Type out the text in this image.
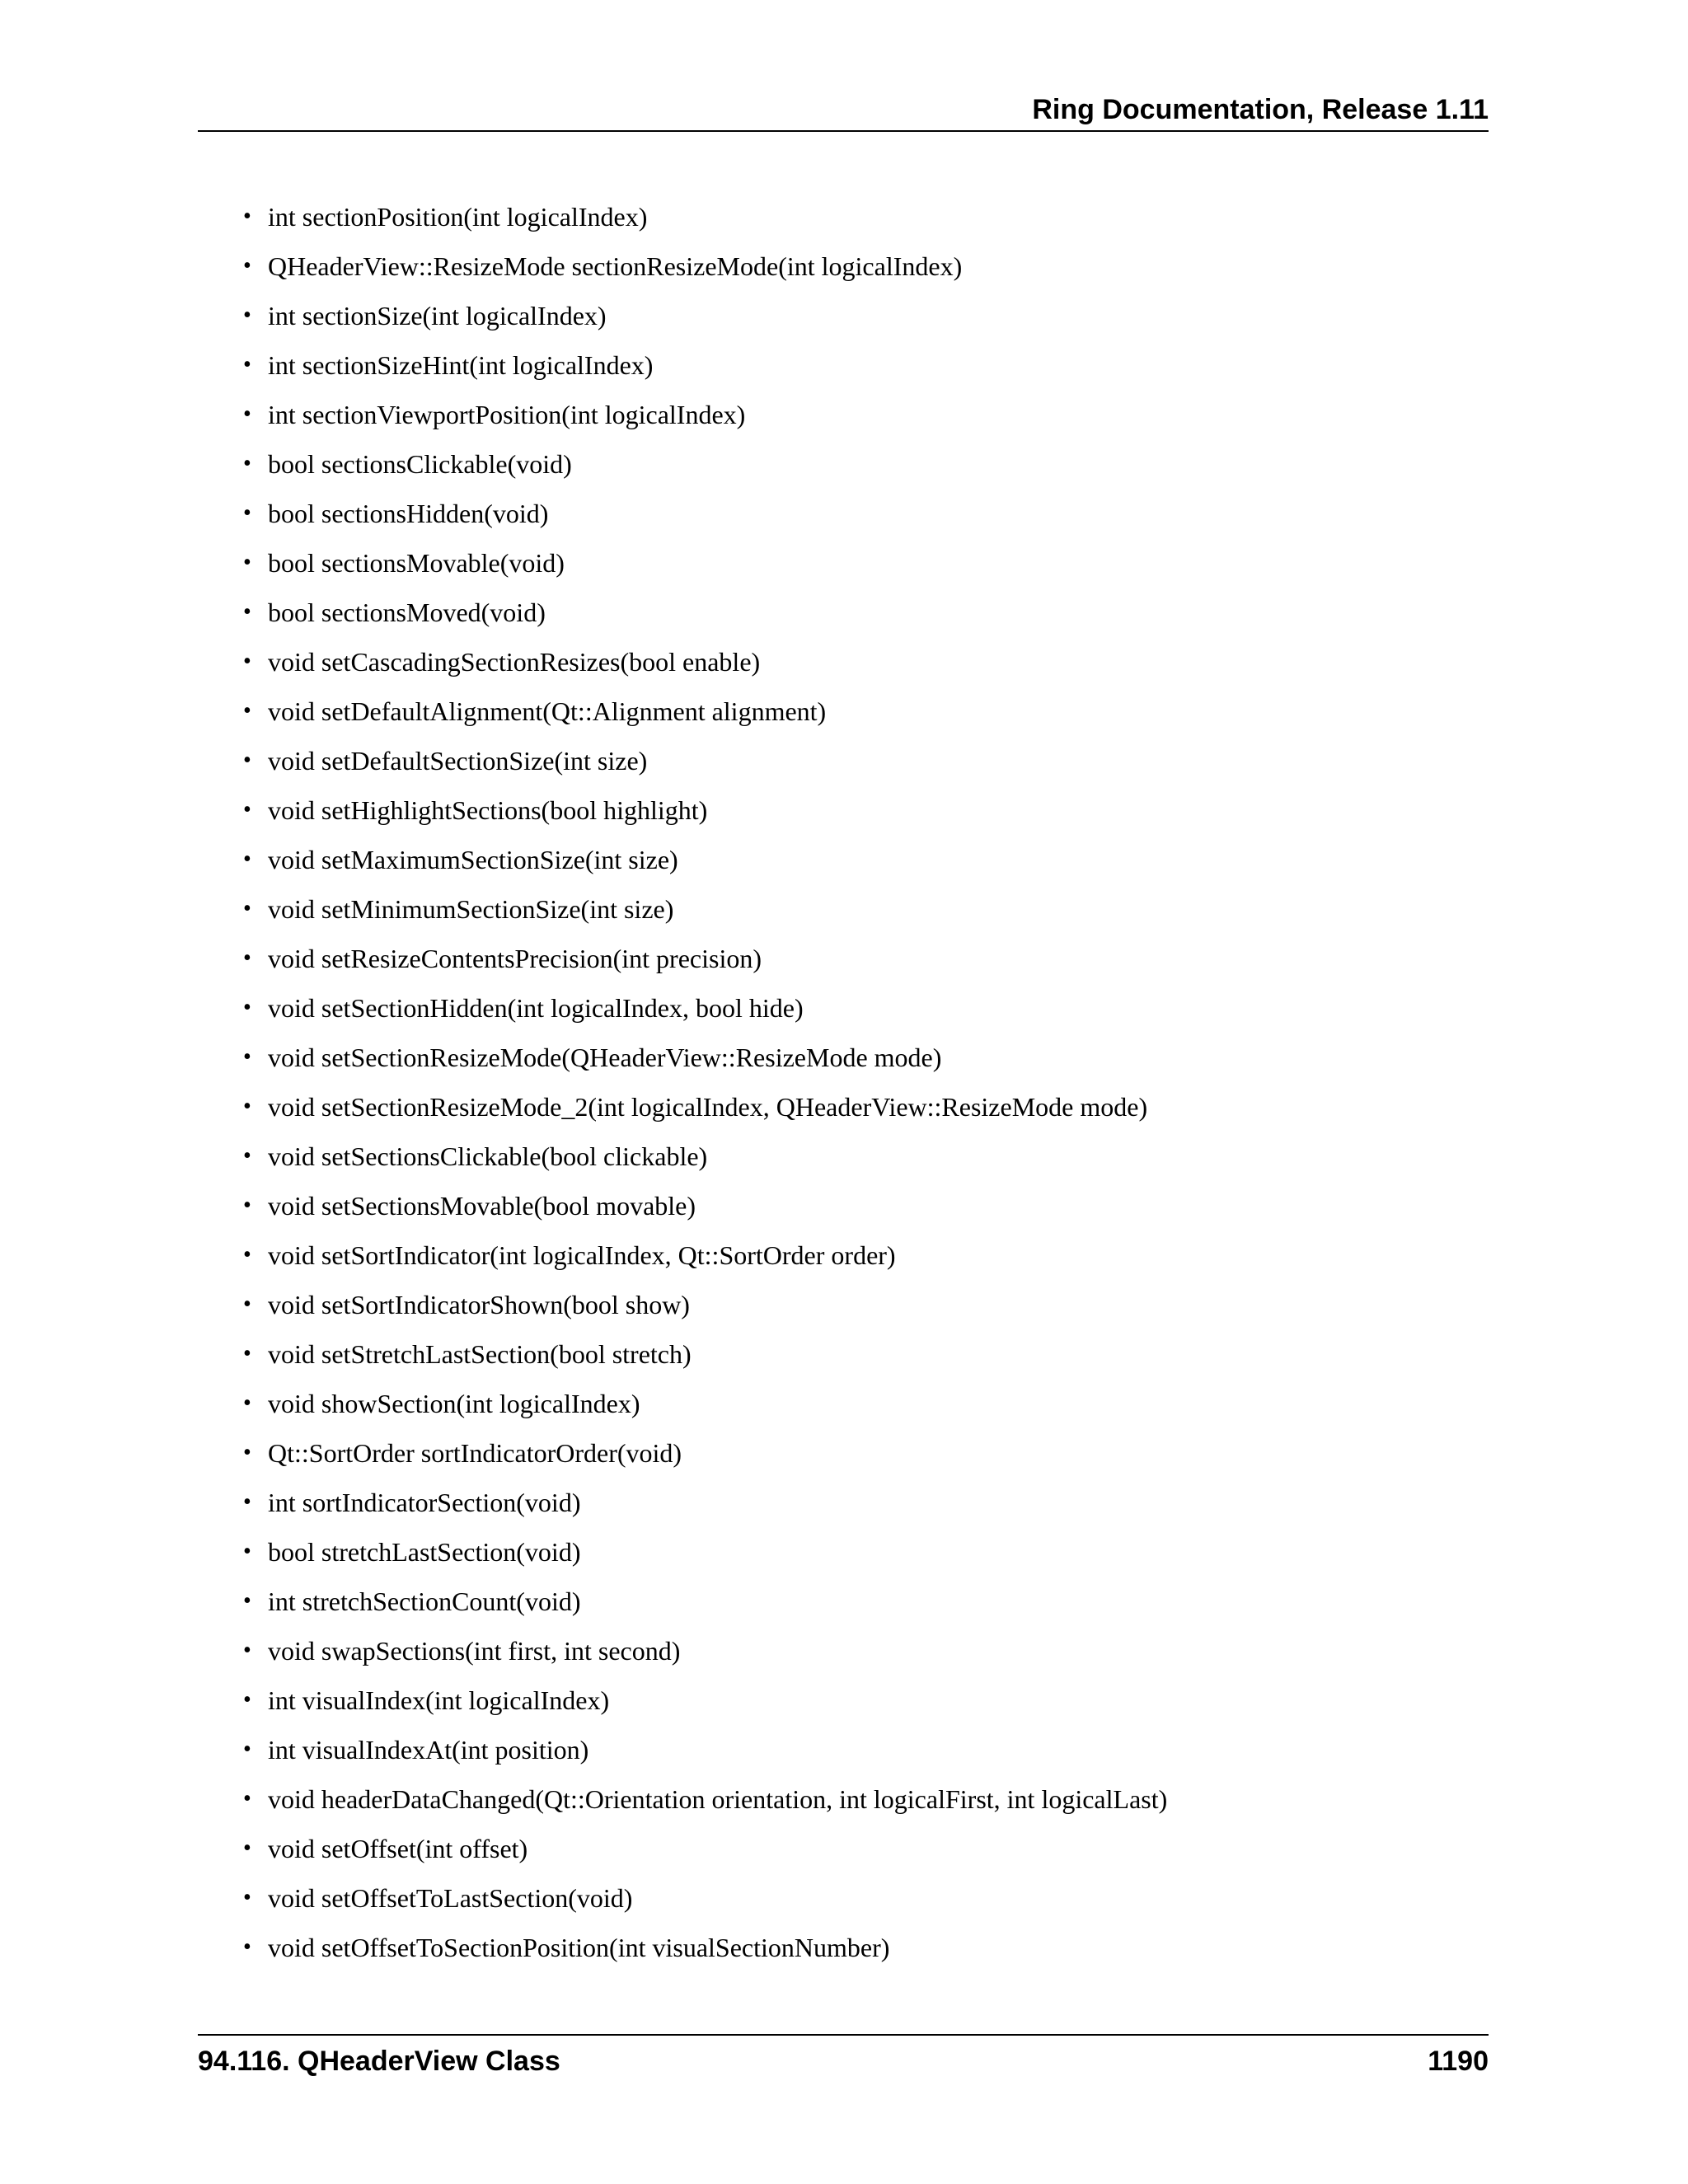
Ring Documentation, Release 1.11
• int sectionPosition(int logicalIndex)
• QHeaderView::ResizeMode sectionResizeMode(int logicalIndex)
• int sectionSize(int logicalIndex)
• int sectionSizeHint(int logicalIndex)
• int sectionViewportPosition(int logicalIndex)
• bool sectionsClickable(void)
• bool sectionsHidden(void)
• bool sectionsMovable(void)
• bool sectionsMoved(void)
• void setCascadingSectionResizes(bool enable)
• void setDefaultAlignment(Qt::Alignment alignment)
• void setDefaultSectionSize(int size)
• void setHighlightSections(bool highlight)
• void setMaximumSectionSize(int size)
• void setMinimumSectionSize(int size)
• void setResizeContentsPrecision(int precision)
• void setSectionHidden(int logicalIndex, bool hide)
• void setSectionResizeMode(QHeaderView::ResizeMode mode)
• void setSectionResizeMode_2(int logicalIndex, QHeaderView::ResizeMode mode)
• void setSectionsClickable(bool clickable)
• void setSectionsMovable(bool movable)
• void setSortIndicator(int logicalIndex, Qt::SortOrder order)
• void setSortIndicatorShown(bool show)
• void setStretchLastSection(bool stretch)
• void showSection(int logicalIndex)
• Qt::SortOrder sortIndicatorOrder(void)
• int sortIndicatorSection(void)
• bool stretchLastSection(void)
• int stretchSectionCount(void)
• void swapSections(int first, int second)
• int visualIndex(int logicalIndex)
• int visualIndexAt(int position)
• void headerDataChanged(Qt::Orientation orientation, int logicalFirst, int logicalLast)
• void setOffset(int offset)
• void setOffsetToLastSection(void)
• void setOffsetToSectionPosition(int visualSectionNumber)
94.116. QHeaderView Class	1190
